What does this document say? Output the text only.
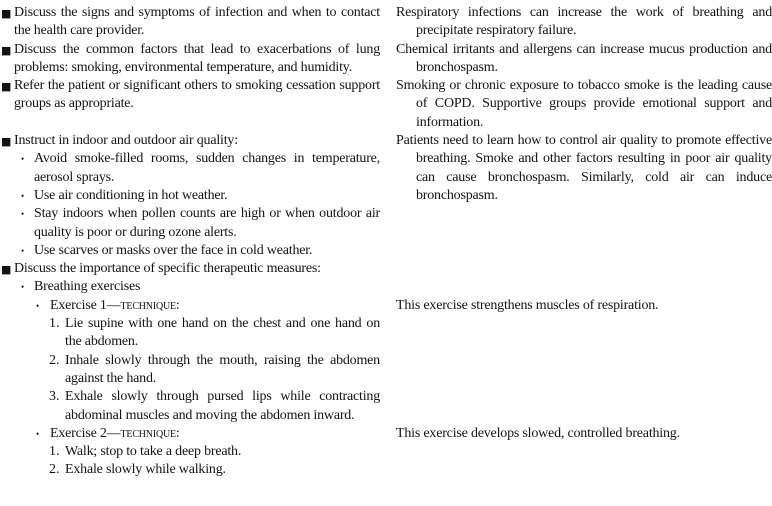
■ Discuss the signs and symptoms of infection and when to contact the health care provider.

Respiratory infections can increase the work of breathing and precipitate respiratory failure.

■ Discuss the common factors that lead to exacerbations of lung problems: smoking, environmental temperature, and humidity.

Chemical irritants and allergens can increase mucus production and bronchospasm.

■ Refer the patient or significant others to smoking cessation support groups as appropriate.

Smoking or chronic exposure to tobacco smoke is the leading cause of COPD. Supportive groups provide emotional support and information.

■ Instruct in indoor and outdoor air quality:
• Avoid smoke-filled rooms, sudden changes in temperature, aerosol sprays.
• Use air conditioning in hot weather.
• Stay indoors when pollen counts are high or when outdoor air quality is poor or during ozone alerts.
• Use scarves or masks over the face in cold weather.

Patients need to learn how to control air quality to promote effective breathing. Smoke and other factors resulting in poor air quality can cause bronchospasm. Similarly, cold air can induce bronchospasm.

■ Discuss the importance of specific therapeutic measures:
• Breathing exercises

• Exercise 1—technique:
1. Lie supine with one hand on the chest and one hand on the abdomen.
2. Inhale slowly through the mouth, raising the abdomen against the hand.
3. Exhale slowly through pursed lips while contracting abdominal muscles and moving the abdomen inward.

This exercise strengthens muscles of respiration.

• Exercise 2—technique:
1. Walk; stop to take a deep breath.
2. Exhale slowly while walking.

This exercise develops slowed, controlled breathing.
